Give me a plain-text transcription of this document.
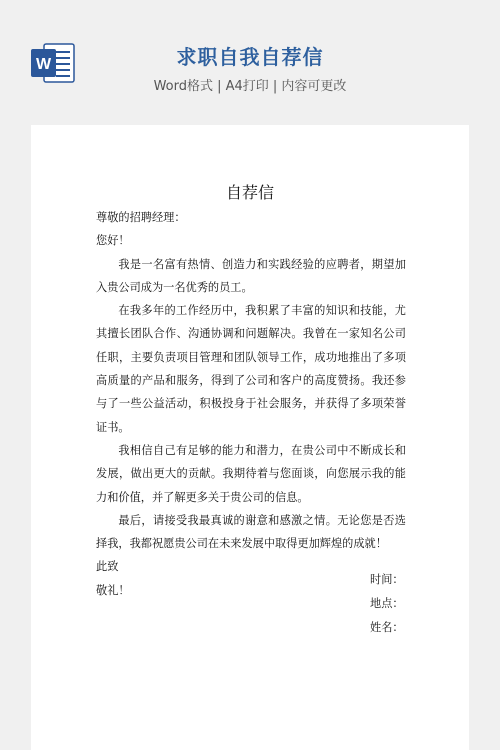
W	求职自我自荐信
Word格式 | A4打印 | 内容可更改
自荐信

尊敬的招聘经理：

您好！

我是一名富有热情、创造力和实践经验的应聘者，期望加入贵公司成为一名优秀的员工。

在我多年的工作经历中，我积累了丰富的知识和技能，尤其擅长团队合作、沟通协调和问题解决。我曾在一家知名公司任职，主要负责项目管理和团队领导工作，成功地推出了多项高质量的产品和服务，得到了公司和客户的高度赞扬。我还参与了一些公益活动，积极投身于社会服务，并获得了多项荣誉证书。

我相信自己有足够的能力和潜力，在贵公司中不断成长和发展，做出更大的贡献。我期待着与您面谈，向您展示我的能力和价值，并了解更多关于贵公司的信息。

最后，请接受我最真诚的谢意和感激之情。无论您是否选择我，我都祝愿贵公司在未来发展中取得更加辉煌的成就！

此致

敬礼！

时间：
地点：
姓名：
